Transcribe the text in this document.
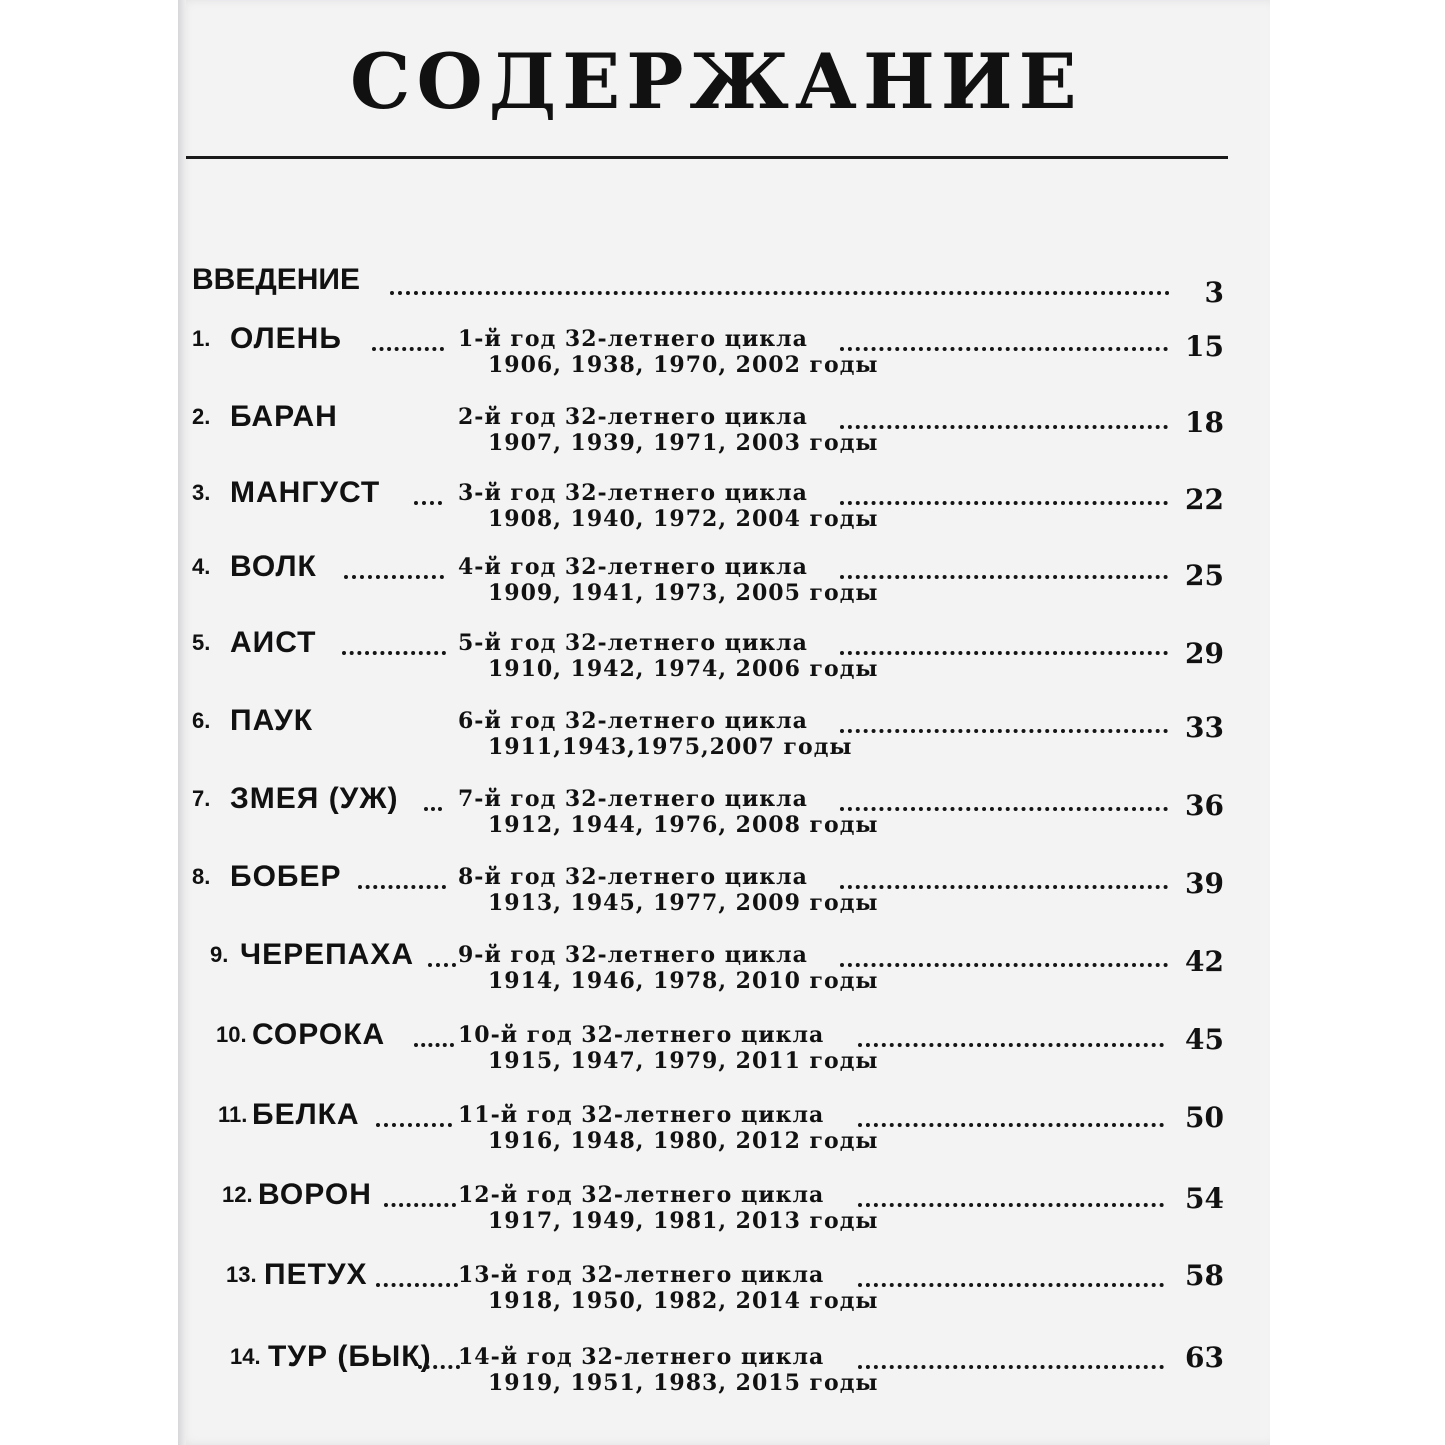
СОДЕРЖАНИЕ
ВВЕДЕНИЕ	3
1. ОЛЕНЬ	1-й год 32-летнего цикла	15
1906, 1938, 1970, 2002 годы
2. БАРАН	2-й год 32-летнего цикла	18
1907, 1939, 1971, 2003 годы
3. МАНГУСТ	3-й год 32-летнего цикла	22
1908, 1940, 1972, 2004 годы
4. ВОЛК	4-й год 32-летнего цикла	25
1909, 1941, 1973, 2005 годы
5. АИСТ	5-й год 32-летнего цикла	29
1910, 1942, 1974, 2006 годы
6. ПАУК	6-й год 32-летнего цикла	33
1911,1943,1975,2007 годы
7. ЗМЕЯ (УЖ)	7-й год 32-летнего цикла	36
1912, 1944, 1976, 2008 годы
8. БОБЕР	8-й год 32-летнего цикла	39
1913, 1945, 1977, 2009 годы
9. ЧЕРЕПАХА 9-й год 32-летнего цикла	42
1914, 1946, 1978, 2010 годы
10. СОРОКА	10-й год 32-летнего цикла	45
1915, 1947, 1979, 2011 годы
11. БЕЛКА	11-й год 32-летнего цикла	50
1916, 1948, 1980, 2012 годы
12. ВОРОН	12-й год 32-летнего цикла	54
1917, 1949, 1981, 2013 годы
13. ПЕТУХ	13-й год 32-летнего цикла	58
1918, 1950, 1982, 2014 годы
14. ТУР (БЫК) 14-й год 32-летнего цикла	63
1919, 1951, 1983, 2015 годы
